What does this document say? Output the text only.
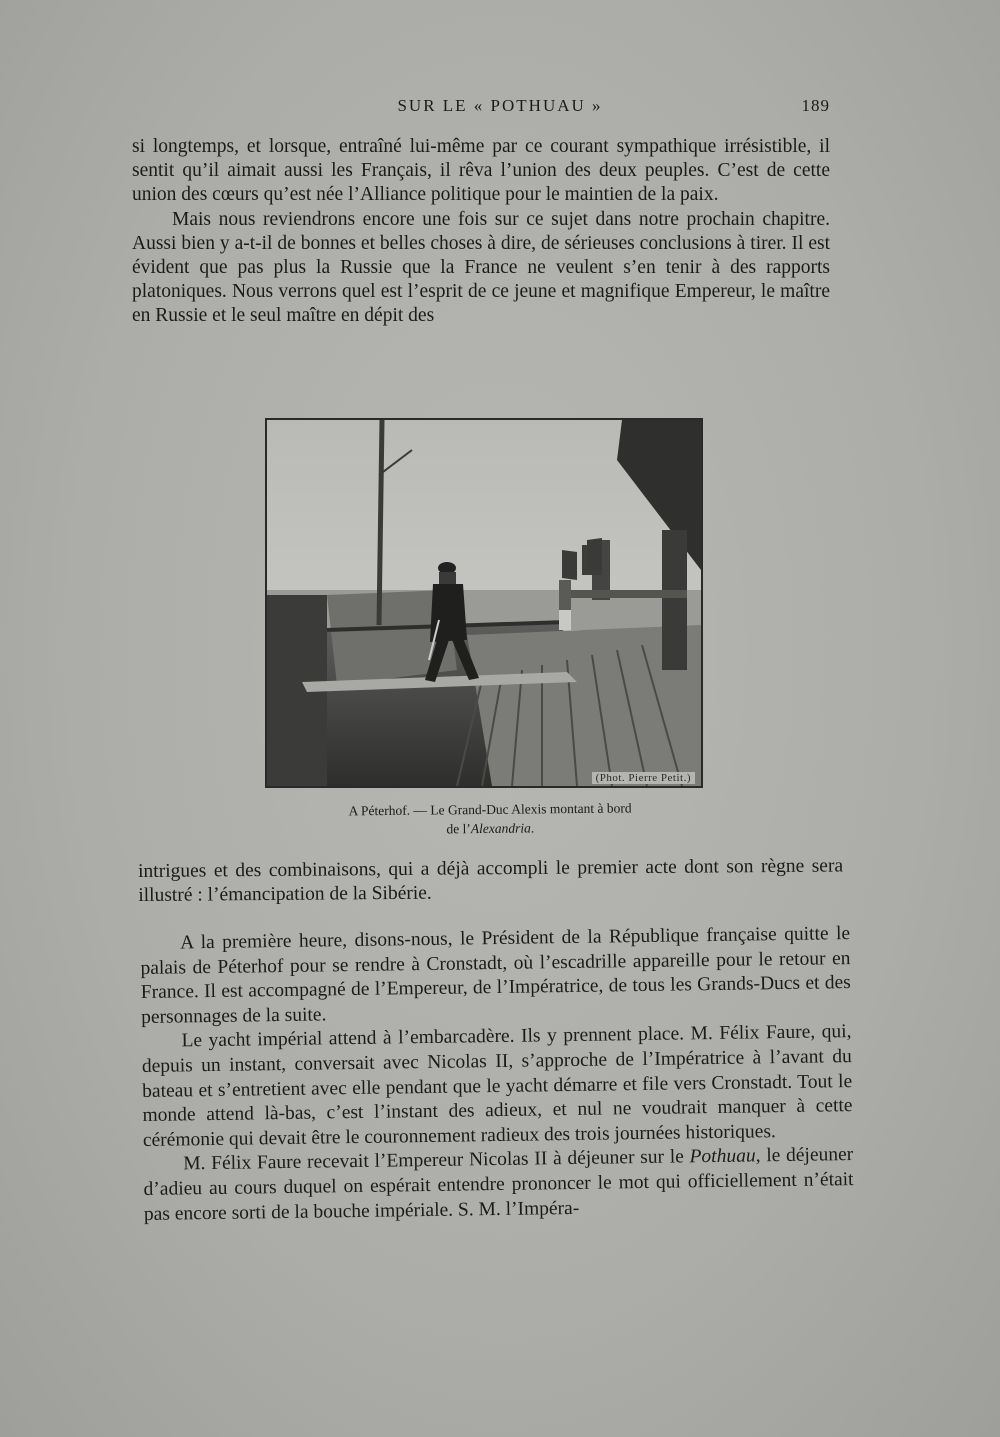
SUR LE « POTHUAU »	189

si longtemps, et lorsque, entraîné lui-même par ce courant sympathique irrésistible, il sentit qu’il aimait aussi les Français, il rêva l’union des deux peuples. C’est de cette union des cœurs qu’est née l’Alliance politique pour le maintien de la paix.

Mais nous reviendrons encore une fois sur ce sujet dans notre prochain chapitre. Aussi bien y a-t-il de bonnes et belles choses à dire, de sérieuses conclusions à tirer. Il est évident que pas plus la Russie que la France ne veulent s’en tenir à des rapports platoniques. Nous verrons quel est l’esprit de ce jeune et magnifique Empereur, le maître en Russie et le seul maître en dépit des

(Phot. Pierre Petit.)
A Péterhof. — Le Grand-Duc Alexis montant à bord
de l’Alexandria.

intrigues et des combinaisons, qui a déjà accompli le premier acte dont son règne sera illustré : l’émancipation de la Sibérie.

A la première heure, disons-nous, le Président de la République française quitte le palais de Péterhof pour se rendre à Cronstadt, où l’escadrille appareille pour le retour en France. Il est accompagné de l’Empereur, de l’Impératrice, de tous les Grands-Ducs et des personnages de la suite.

Le yacht impérial attend à l’embarcadère. Ils y prennent place. M. Félix Faure, qui, depuis un instant, conversait avec Nicolas II, s’approche de l’Impératrice à l’avant du bateau et s’entretient avec elle pendant que le yacht démarre et file vers Cronstadt. Tout le monde attend là-bas, c’est l’instant des adieux, et nul ne voudrait manquer à cette cérémonie qui devait être le couronnement radieux des trois journées historiques.

M. Félix Faure recevait l’Empereur Nicolas II à déjeuner sur le Pothuau, le déjeuner d’adieu au cours duquel on espérait entendre prononcer le mot qui officiellement n’était pas encore sorti de la bouche impériale. S. M. l’Impéra-
